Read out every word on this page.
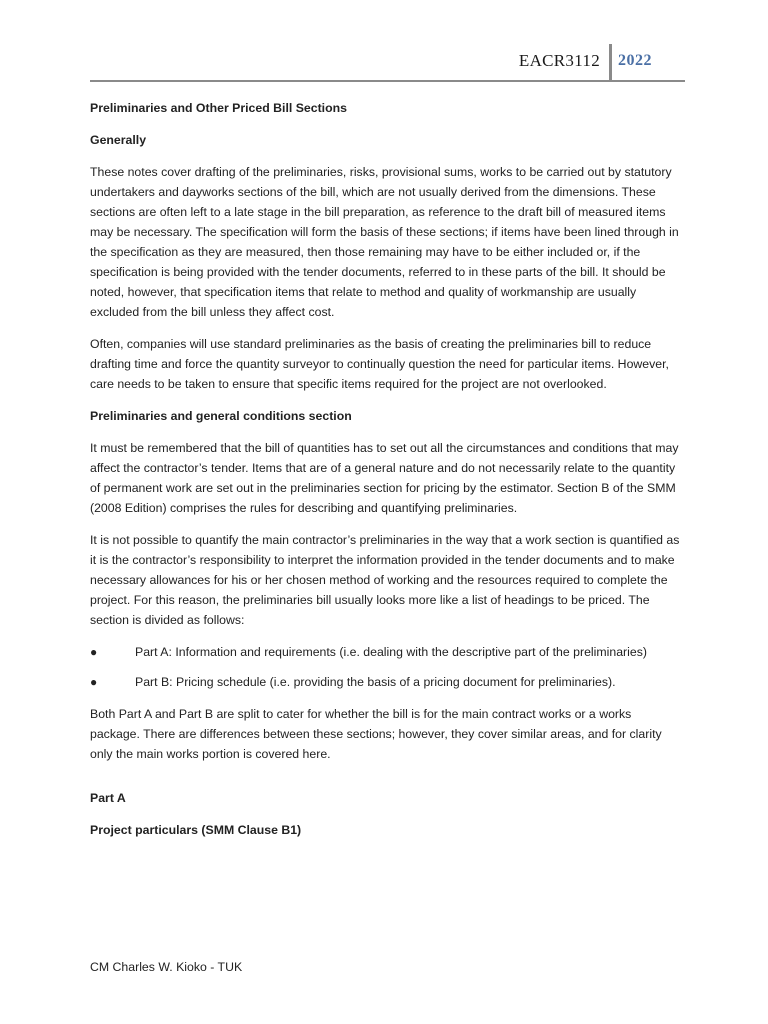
EACR3112 2022

Preliminaries and Other Priced Bill Sections

Generally

These notes cover drafting of the preliminaries, risks, provisional sums, works to be carried out by statutory undertakers and dayworks sections of the bill, which are not usually derived from the dimensions. These sections are often left to a late stage in the bill preparation, as reference to the draft bill of measured items may be necessary. The specification will form the basis of these sections; if items have been lined through in the specification as they are measured, then those remaining may have to be either included or, if the specification is being provided with the tender documents, referred to in these parts of the bill. It should be noted, however, that specification items that relate to method and quality of workmanship are usually excluded from the bill unless they affect cost.

Often, companies will use standard preliminaries as the basis of creating the preliminaries bill to reduce drafting time and force the quantity surveyor to continually question the need for particular items. However, care needs to be taken to ensure that specific items required for the project are not overlooked.

Preliminaries and general conditions section

It must be remembered that the bill of quantities has to set out all the circumstances and conditions that may affect the contractor’s tender. Items that are of a general nature and do not necessarily relate to the quantity of permanent work are set out in the preliminaries section for pricing by the estimator. Section B of the SMM (2008 Edition) comprises the rules for describing and quantifying preliminaries.

It is not possible to quantify the main contractor’s preliminaries in the way that a work section is quantified as it is the contractor’s responsibility to interpret the information provided in the tender documents and to make necessary allowances for his or her chosen method of working and the resources required to complete the project. For this reason, the preliminaries bill usually looks more like a list of headings to be priced. The section is divided as follows:

●	Part A: Information and requirements (i.e. dealing with the descriptive part of the preliminaries)
●	Part B: Pricing schedule (i.e. providing the basis of a pricing document for preliminaries).

Both Part A and Part B are split to cater for whether the bill is for the main contract works or a works package. There are differences between these sections; however, they cover similar areas, and for clarity only the main works portion is covered here.

Part A

Project particulars (SMM Clause B1)

CM Charles W. Kioko - TUK
